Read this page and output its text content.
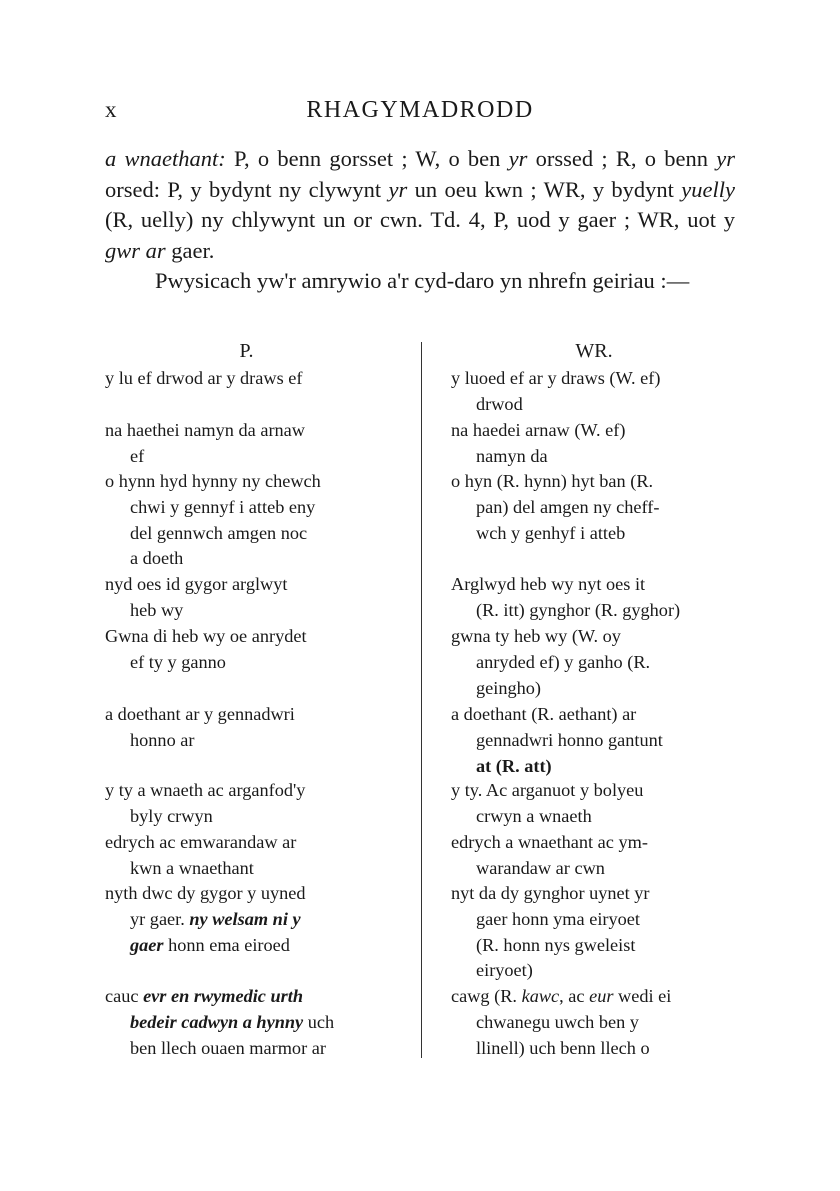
x	RHAGYMADRODD

a wnaethant: P, o benn gorsset ; W, o ben yr orssed ; R, o benn yr orsed: P, y bydynt ny clywynt yr un oeu kwn ; WR, y bydynt yuelly (R, uelly) ny chlywynt un or cwn. Td. 4, P, uod y gaer ; WR, uot y gwr ar gaer.

Pwysicach yw'r amrywio a'r cyd-daro yn nhrefn geiriau :—

P.	WR.
y lu ef drwod ar y draws ef
na haethei namyn da arnaw
ef
o hynn hyd hynny ny chewch
chwi y gennyf i atteb eny
del gennwch amgen noc
a doeth
nyd oes id gygor arglwyt
heb wy
Gwna di heb wy oe anrydet
ef ty y ganno
a doethant ar y gennadwri
honno ar
y ty a wnaeth ac arganfod'y
byly crwyn
edrych ac emwarandaw ar
kwn a wnaethant
nyth dwc dy gygor y uyned
yr gaer. ny welsam ni y
gaer honn ema eiroed
cauc evr en rwymedic urth
bedeir cadwyn a hynny uch
ben llech ouaen marmor ar
y luoed ef ar y draws (W. ef)
drwod
na haedei arnaw (W. ef)
namyn da
o hyn (R. hynn) hyt ban (R.
pan) del amgen ny cheff-
wch y genhyf i atteb
Arglwyd heb wy nyt oes it
(R. itt) gynghor (R. gyghor)
gwna ty heb wy (W. oy
anryded ef) y ganho (R.
geingho)
a doethant (R. aethant) ar
gennadwri honno gantunt
at (R. att)
y ty. Ac arganuot y bolyeu
crwyn a wnaeth
edrych a wnaethant ac ym-
warandaw ar cwn
nyt da dy gynghor uynet yr
gaer honn yma eiryoet
(R. honn nys gweleist
eiryoet)
cawg (R. kawc, ac eur wedi ei
chwanegu uwch ben y
llinell) uch benn llech o
